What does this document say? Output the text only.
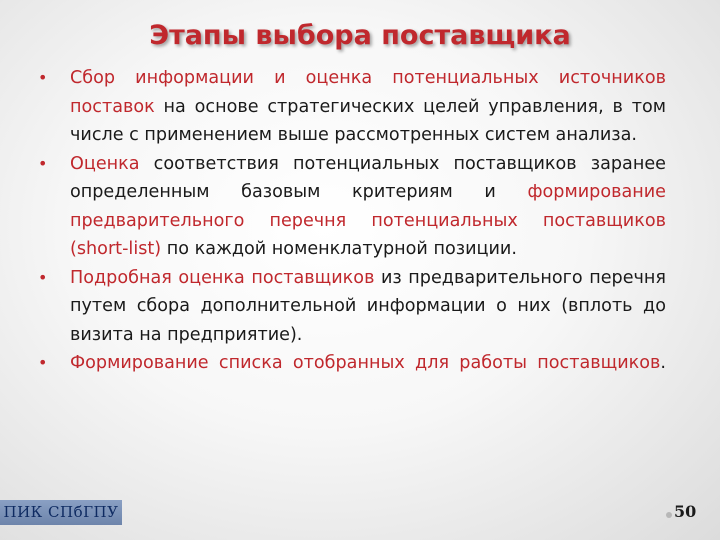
Этапы выбора поставщика
•	Сбор информации и оценка потенциальных источников поставок на основе стратегических целей управления, в том числе с применением выше рассмотренных систем анализа.
•	Оценка соответствия потенциальных поставщиков заранее определенным базовым критериям и формирование предварительного перечня потенциальных поставщиков (short-list) по каждой номенклатурной позиции.
•	Подробная оценка поставщиков из предварительного перечня путем сбора дополнительной информации о них (вплоть до визита на предприятие).
•	Формирование списка отобранных для работы поставщиков.
ПИК СПбГПУ	50
